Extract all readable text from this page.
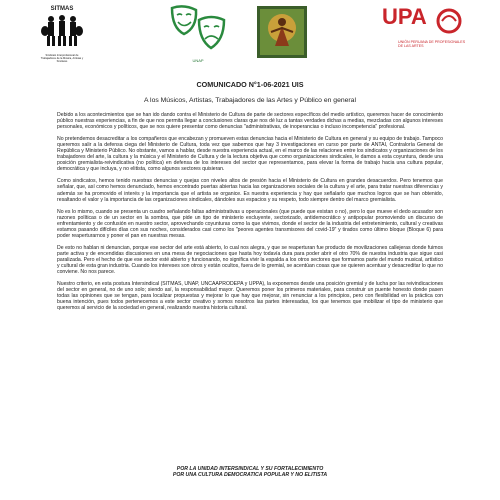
SITMAS
Sindicato Interprofesional de Trabajadores de la Música, Artistas y Similares	UNAP
UPA
UNIÓN PERUANA DE PROFESIONALES DE LAS ARTES
COMUNICADO N°1-06-2021 UIS
A los Músicos, Artistas, Trabajadores de las Artes y Público en general

Debido a los acontecimientos que se han ido dando contra el Ministerio de Cultura de parte de sectores específicos del medio artístico, queremos hacer de conocimiento público nuestras experiencias, a fin de que nos permita llegar a conclusiones claras que nos dé luz a tantas verdades dichas a medias, mezcladas con algunos intereses personales, económicos y políticos, que se nos quiere presentar como denuncias "administrativas, de inoperancias o incluso incompetencia" profesional.

No pretendemos desacreditar a los compañeros que encabezan y promueven estas denuncias hacia el Ministerio de Cultura en general y su equipo de trabajo. Tampoco queremos salir a la defensa ciega del Ministerio de Cultura, toda vez que sabemos que hay 3 investigaciones en curso por parte de ANTAI, Contraloría General de República y Ministerio Público. No obstante, vamos a hablar, desde nuestra experiencia actual, en el marco de las relaciones entre los sindicatos y organizaciones de los trabajadores del arte, la cultura y la música y el Ministerio de Cultura y de la lectura objetiva que como organizaciones sindicales, le damos a esta coyuntura, desde una posición gremialista-reivindicativa (no política) en defensa de los intereses del sector que representamos, para elevar la forma de trabajo hacia una cultura popular, democrática y que incluya, y no elitista, como algunos sectores quisieran.

Como sindicatos, hemos tenido nuestras denuncias y quejas con niveles altos de presión hacia el Ministerio de Cultura en grandes desacuerdos. Pero tenemos que señalar, que, así como hemos denunciado, hemos encontrado puertas abiertas hacia las organizaciones sociales de la cultura y el arte, para tratar nuestras diferencias y además se ha promovido el interés y la importancia que el artista se organice. Es nuestra experiencia y hay que señalarlo que muchos logros que se han obtenido, resaltando el valor y la importancia de las organizaciones sindicales, dándoles sus espacios y su respeto, todo siempre dentro del marco gremialista.

No es lo mismo, cuando se presenta un cuadro señalando faltas administrativas u operacionales (que puede que existan o no), pero lo que mueve el dedo acusador son razones políticas o de un sector en la sombra, que pide un tipo de ministerio excluyente, sectorizado, antidemocrático y antipopular promoviendo un discurso de enfrentamiento y de confusión en nuestro sector, aprovechando coyunturas como la que vivimos, donde el sector de la industria del entretenimiento, cultural y creativas estamos pasando difíciles días con sus noches, considerados casi como los "peores agentes transmisores del covid-19" y tirados como último bloque (Bloque 6) para poder reaperturarnos y poner el pan en nuestras mesas.

De esto no hablan ni denuncian, porque ese sector del arte está abierto, lo cual nos alegra, y que se reaperturan fue producto de movilizaciones callejeras donde fuimos parte activa y de encendidas discusiones en una mesa de negociaciones que hasta hoy todavía dura para poder abrir el otro 70% de nuestra industria que sigue casi paralizada. Pero el hecho de que ese sector esté abierto y funcionando, no significa vivir la espalda a los otros sectores que formamos parte del mundo musical, artístico y cultural de esta gran industria. Cuando los intereses son otros y están ocultos, fuera de lo gremial, se acentúan cosas que se quieren acentuar y desacreditar lo que no conviene. No nos parece.

Nuestro criterio, en esta postura Intersindical (SITMAS, UNAP, UNCAAPRODEPA y UPPA), la exponemos desde una posición gremial y de lucha por las reivindicaciones del sector en general, no de uno solo; siendo así, la responsabilidad mayor. Queremos poner los primeros materiales, para construir un puente honesto donde pasen todas las opiniones que se tengan, para localizar propuestas y mejorar lo que hay que mejorar, sin renunciar a los principios, pero con flexibilidad en la práctica con buena intención, pues todos pertenecemos a este sector creativo y somos nosotros las partes interesadas, los que tenemos que mobilizar el tipo de ministerio que queremos al servicio de la sociedad en general, realizando nuestra historia cultural.

POR LA UNIDAD INTERSINDICAL Y SU FORTALECIMIENTO
POR UNA CULTURA DEMOCRATICA POPULAR Y NO ELITISTA
